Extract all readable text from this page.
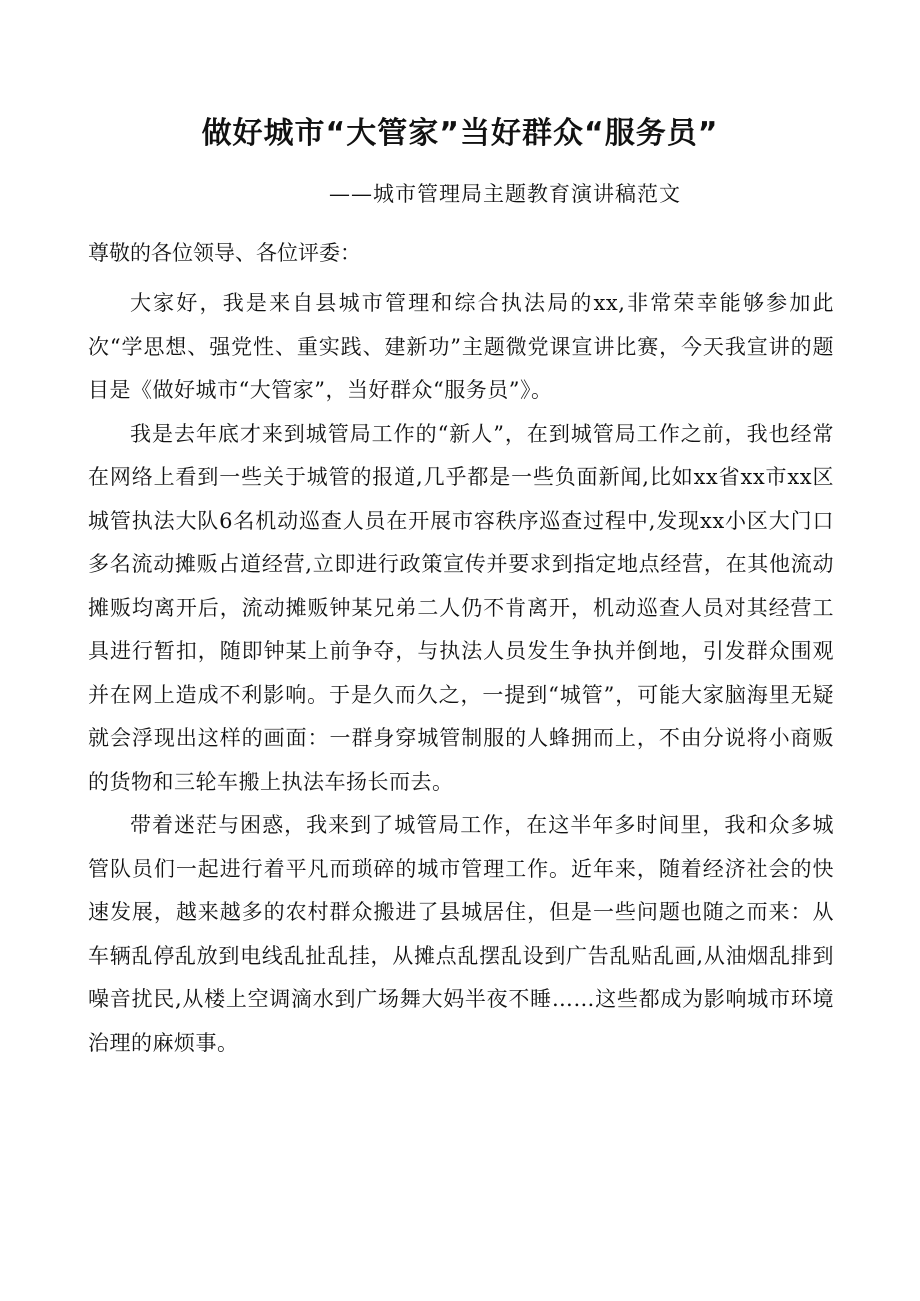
做好城市“大管家”当好群众“服务员”

——城市管理局主题教育演讲稿范文

尊敬的各位领导、各位评委：

大家好，我是来自县城市管理和综合执法局的xx,非常荣幸能够参加此次“学思想、强党性、重实践、建新功”主题微党课宣讲比赛，今天我宣讲的题目是《做好城市“大管家”，当好群众“服务员”》。

我是去年底才来到城管局工作的“新人”，在到城管局工作之前，我也经常在网络上看到一些关于城管的报道,几乎都是一些负面新闻,比如xx省xx市xx区城管执法大队6名机动巡查人员在开展市容秩序巡查过程中,发现xx小区大门口多名流动摊贩占道经营,立即进行政策宣传并要求到指定地点经营，在其他流动摊贩均离开后，流动摊贩钟某兄弟二人仍不肯离开，机动巡查人员对其经营工具进行暂扣，随即钟某上前争夺，与执法人员发生争执并倒地，引发群众围观并在网上造成不利影响。于是久而久之，一提到“城管”，可能大家脑海里无疑就会浮现出这样的画面：一群身穿城管制服的人蜂拥而上，不由分说将小商贩的货物和三轮车搬上执法车扬长而去。

带着迷茫与困惑，我来到了城管局工作，在这半年多时间里，我和众多城管队员们一起进行着平凡而琐碎的城市管理工作。近年来，随着经济社会的快速发展，越来越多的农村群众搬进了县城居住，但是一些问题也随之而来：从车辆乱停乱放到电线乱扯乱挂，从摊点乱摆乱设到广告乱贴乱画,从油烟乱排到噪音扰民,从楼上空调滴水到广场舞大妈半夜不睡……这些都成为影响城市环境治理的麻烦事。
